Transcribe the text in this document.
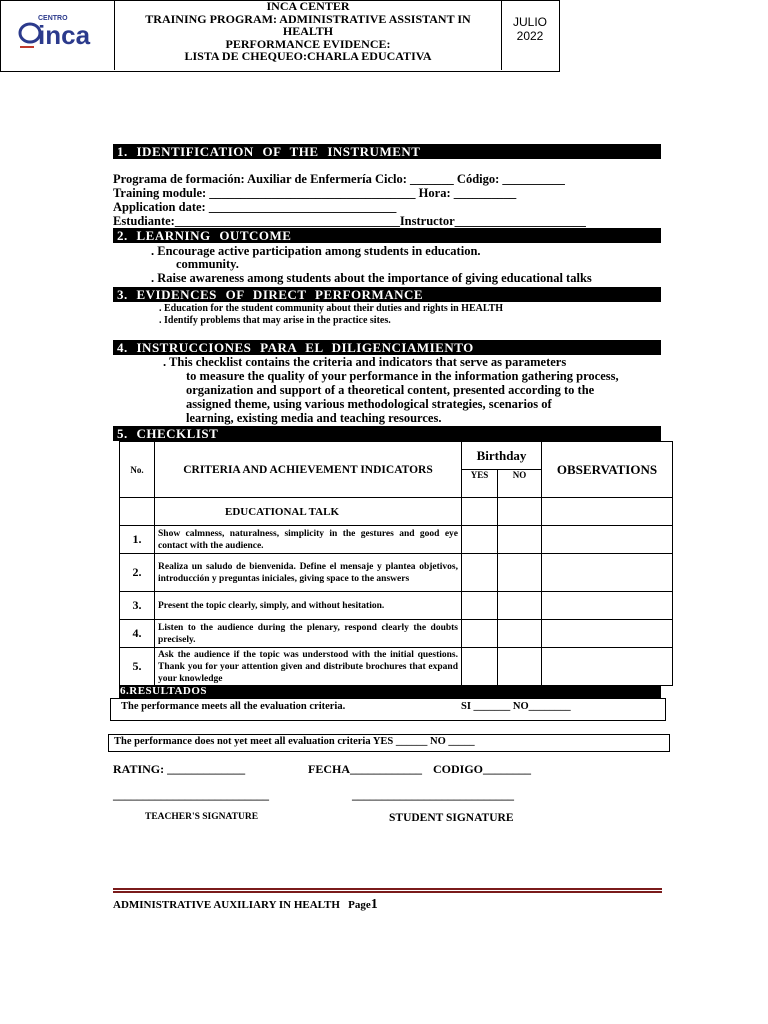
CENTRO
inca
INCA CENTER
TRAINING PROGRAM: ADMINISTRATIVE ASSISTANT IN
HEALTH
PERFORMANCE EVIDENCE:
LISTA DE CHEQUEO:CHARLA EDUCATIVA
JULIO
2022
1. IDENTIFICATION OF THE INSTRUMENT
Programa de formación: Auxiliar de Enfermería Ciclo: _______ Código: __________
Training module: _________________________________ Hora: __________
Application date: ______________________________
Estudiante:____________________________________Instructor_____________________
2. LEARNING OUTCOME
. Encourage active participation among students in education.
community.
. Raise awareness among students about the importance of giving educational talks
3. EVIDENCES OF DIRECT PERFORMANCE
. Education for the student community about their duties and rights in HEALTH
. Identify problems that may arise in the practice sites.
4. INSTRUCCIONES PARA EL DILIGENCIAMIENTO
. This checklist contains the criteria and indicators that serve as parameters
to measure the quality of your performance in the information gathering process,
organization and support of a theoretical content, presented according to the
assigned theme, using various methodological strategies, scenarios of
learning, existing media and teaching resources.
5. CHECKLIST
No.	CRITERIA AND ACHIEVEMENT INDICATORS	Birthday		OBSERVATIONS
		YES	NO	
	EDUCATIONAL TALK			
1.	Show calmness, naturalness, simplicity in the gestures and good eye contact with the audience.			
2.	Realiza un saludo de bienvenida. Define el mensaje y plantea objetivos, introducción y preguntas iniciales, giving space to the answers			
3.	Present the topic clearly, simply, and without hesitation.			
4.	Listen to the audience during the plenary, respond clearly the doubts precisely.			
5.	Ask the audience if the topic was understood with the initial questions. Thank you for your attention given and distribute brochures that expand your knowledge			
6.RESULTADOS
The performance meets all the evaluation criteria.	SI _______ NO________
The performance does not yet meet all evaluation criteria YES ______ NO _____
RATING: _____________	FECHA____________ CODIGO________
__________________________	___________________________
TEACHER'S SIGNATURE	STUDENT SIGNATURE
ADMINISTRATIVE AUXILIARY IN HEALTH Page1
